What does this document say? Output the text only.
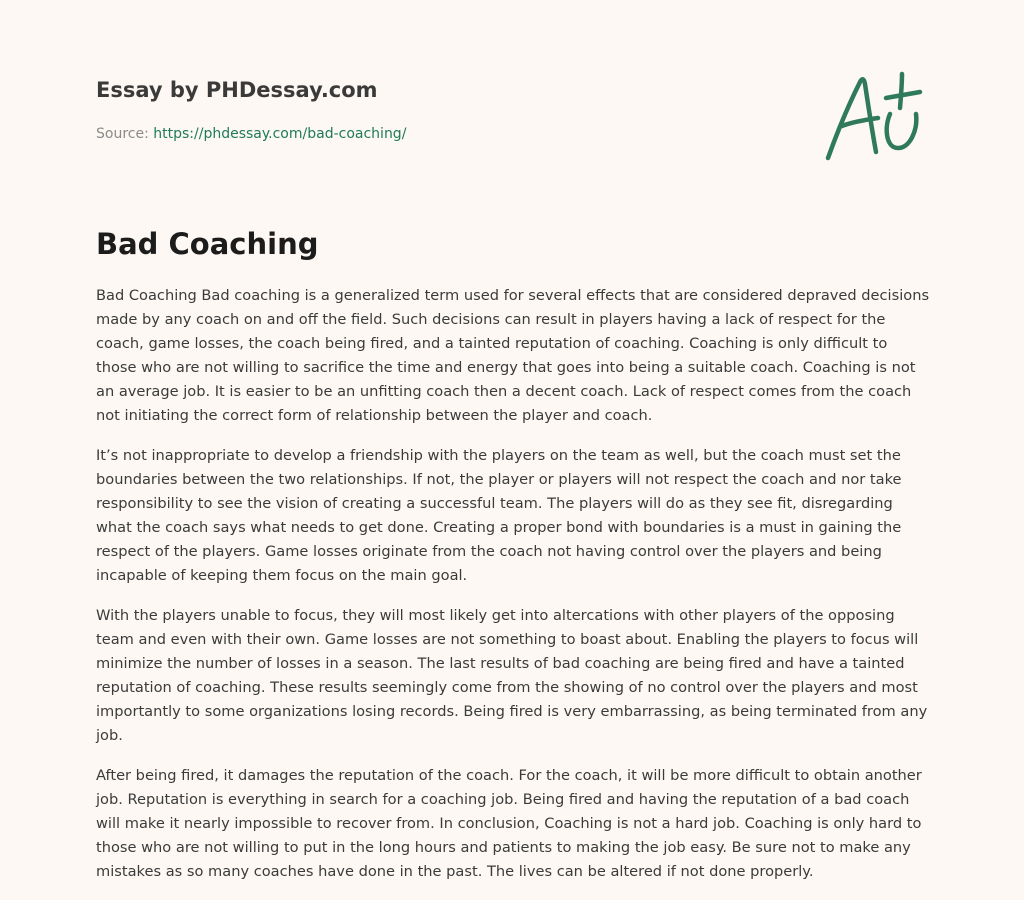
Essay by PHDessay.com
Source: https://phdessay.com/bad-coaching/
Bad Coaching

Bad Coaching Bad coaching is a generalized term used for several effects that are considered depraved decisions made by any coach on and off the field. Such decisions can result in players having a lack of respect for the coach, game losses, the coach being fired, and a tainted reputation of coaching. Coaching is only difficult to those who are not willing to sacrifice the time and energy that goes into being a suitable coach. Coaching is not an average job. It is easier to be an unfitting coach then a decent coach. Lack of respect comes from the coach not initiating the correct form of relationship between the player and coach.

It’s not inappropriate to develop a friendship with the players on the team as well, but the coach must set the boundaries between the two relationships. If not, the player or players will not respect the coach and nor take responsibility to see the vision of creating a successful team. The players will do as they see fit, disregarding what the coach says what needs to get done. Creating a proper bond with boundaries is a must in gaining the respect of the players. Game losses originate from the coach not having control over the players and being incapable of keeping them focus on the main goal.

With the players unable to focus, they will most likely get into altercations with other players of the opposing team and even with their own. Game losses are not something to boast about. Enabling the players to focus will minimize the number of losses in a season. The last results of bad coaching are being fired and have a tainted reputation of coaching. These results seemingly come from the showing of no control over the players and most importantly to some organizations losing records. Being fired is very embarrassing, as being terminated from any job.

After being fired, it damages the reputation of the coach. For the coach, it will be more difficult to obtain another job. Reputation is everything in search for a coaching job. Being fired and having the reputation of a bad coach will make it nearly impossible to recover from. In conclusion, Coaching is not a hard job. Coaching is only hard to those who are not willing to put in the long hours and patients to making the job easy. Be sure not to make any mistakes as so many coaches have done in the past. The lives can be altered if not done properly.
